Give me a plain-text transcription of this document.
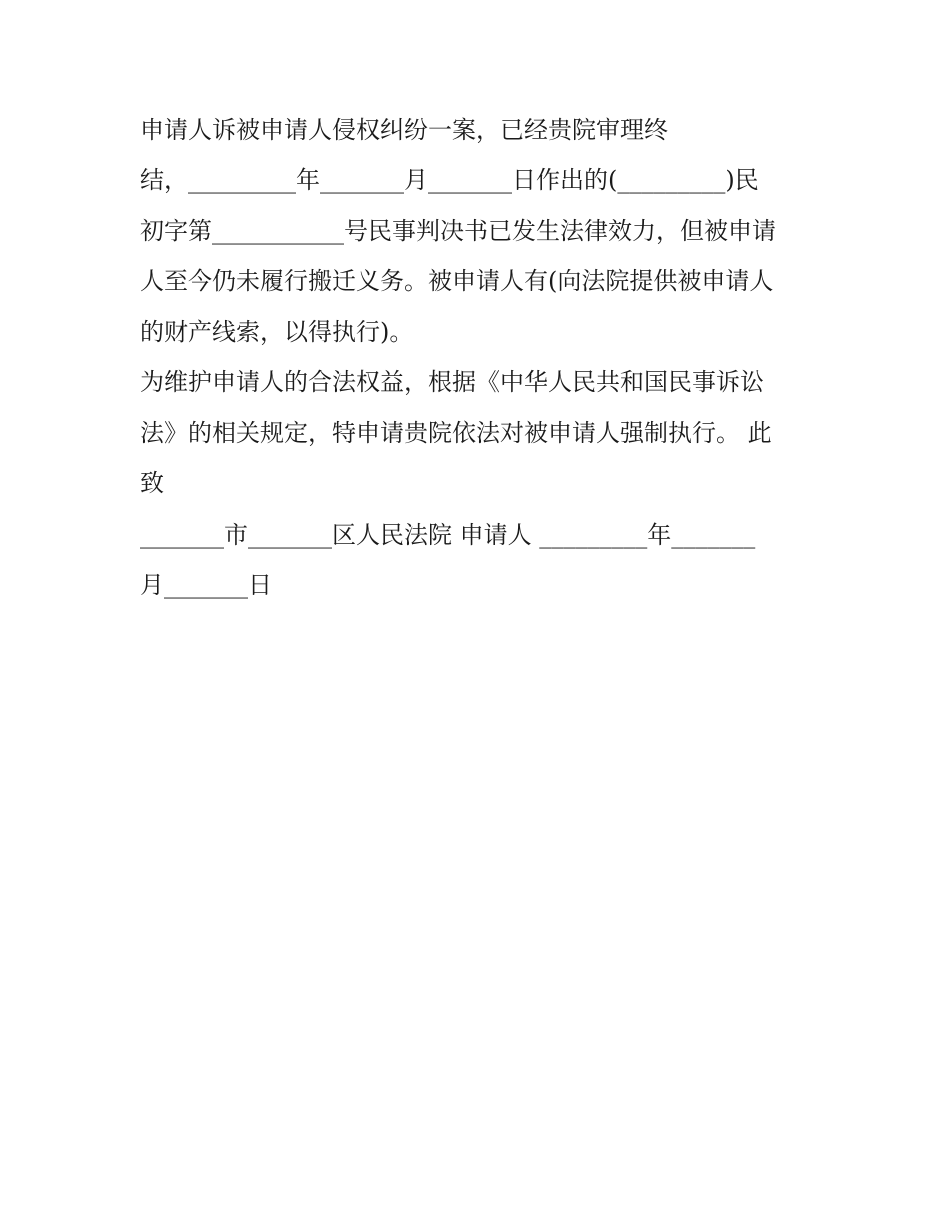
申请人诉被申请人侵权纠纷一案，已经贵院审理终
结，_________年_______月_______日作出的(_________)民
初字第___________号民事判决书已发生法律效力，但被申请
人至今仍未履行搬迁义务。被申请人有(向法院提供被申请人
的财产线索，以得执行)。
为维护申请人的合法权益，根据《中华人民共和国民事诉讼
法》的相关规定，特申请贵院依法对被申请人强制执行。 此
致
_______市_______区人民法院 申请人 _________年_______
月_______日
